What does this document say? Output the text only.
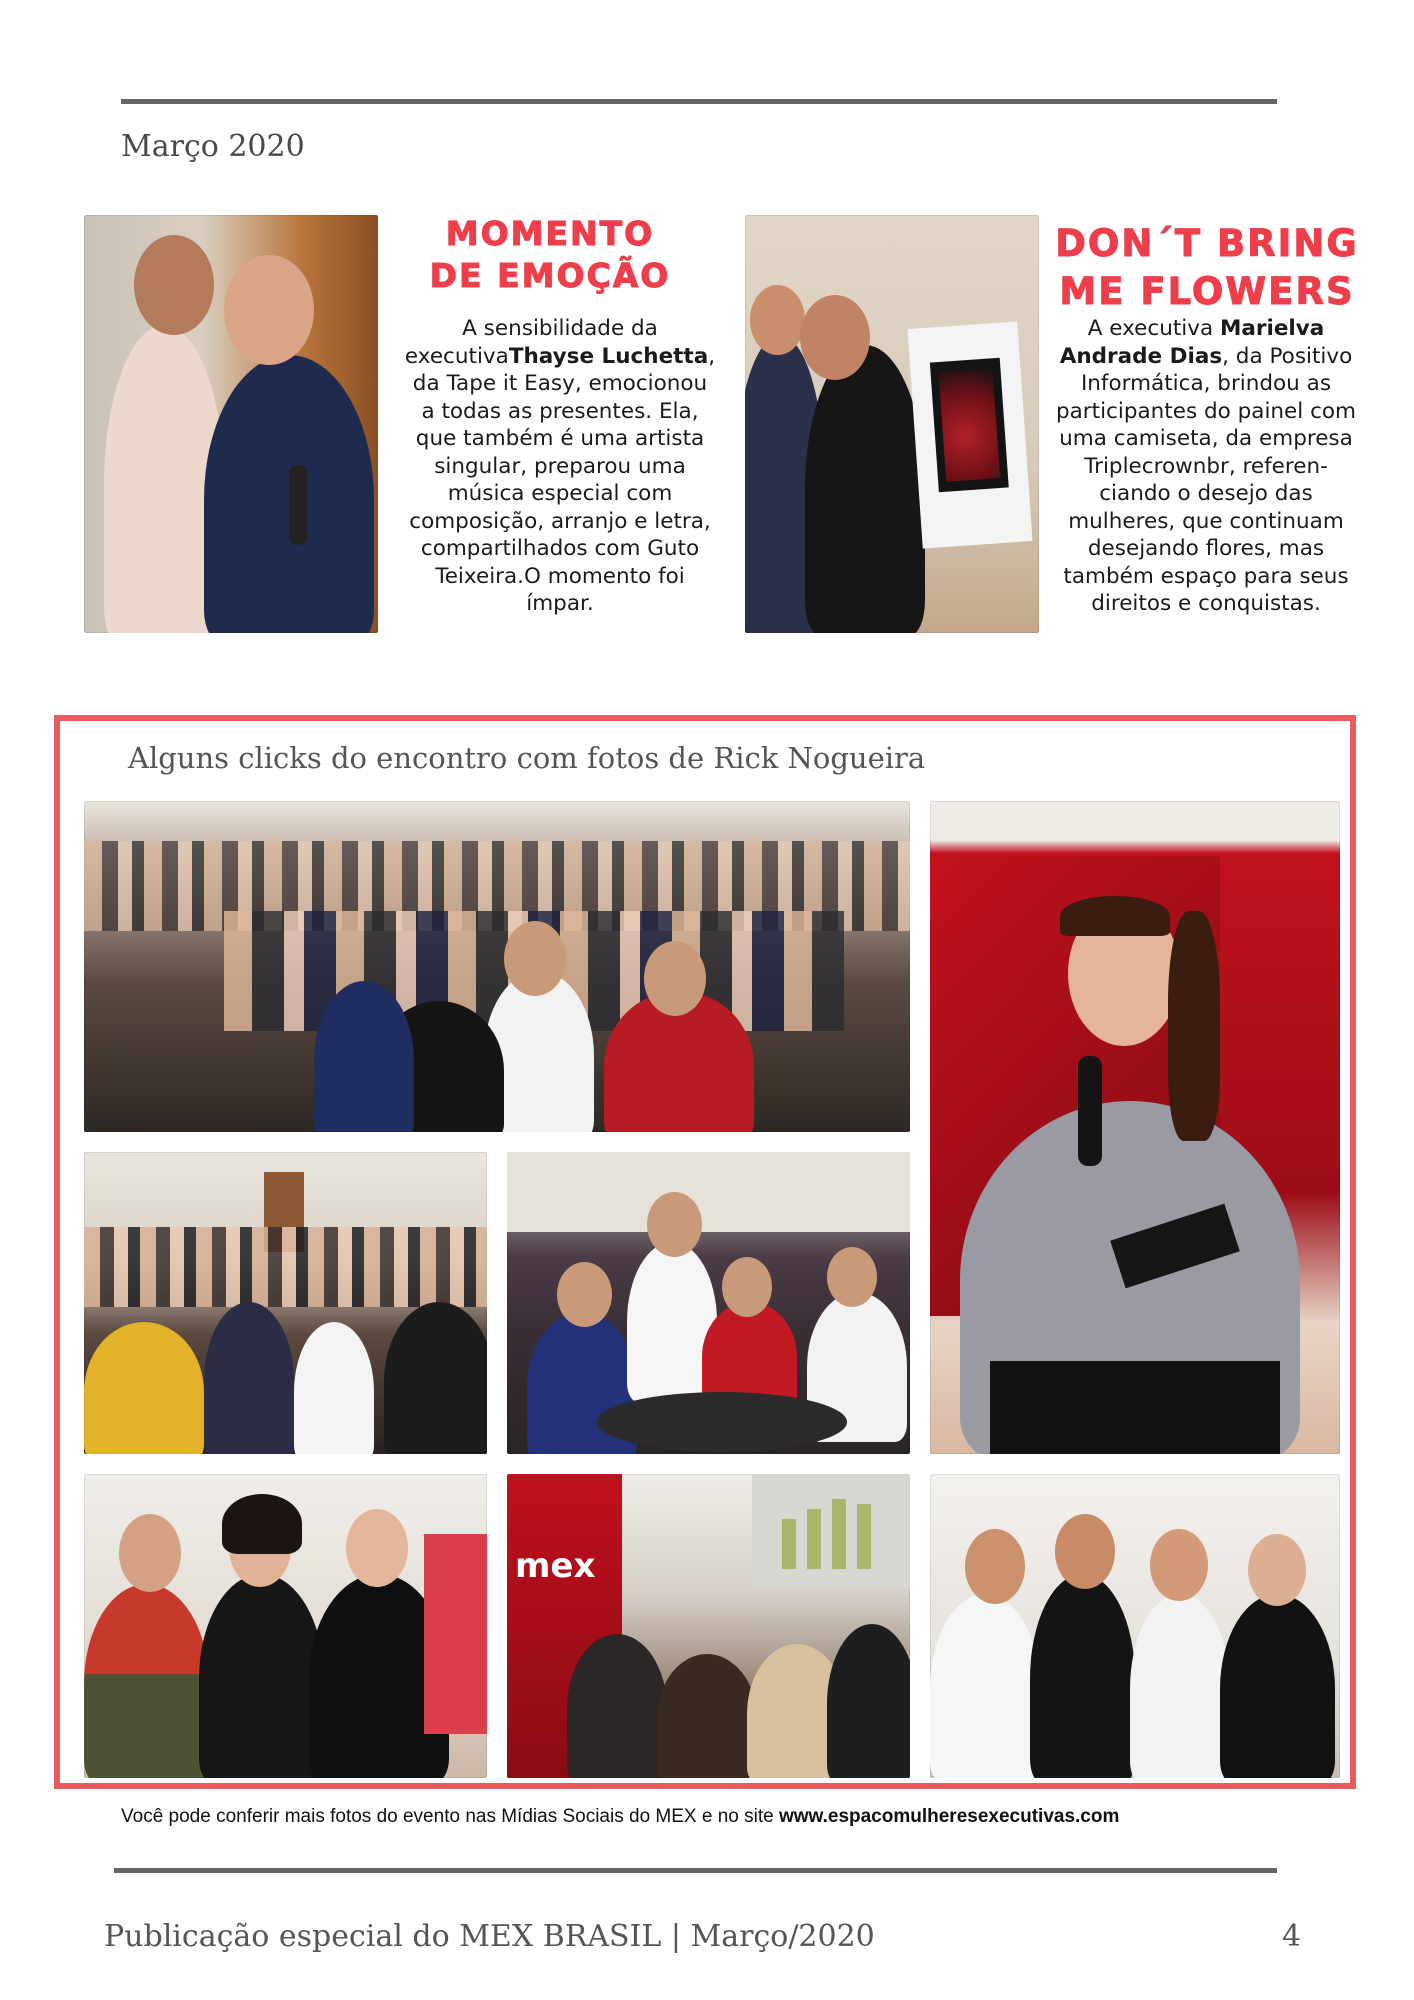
Março 2020
MOMENTO
DE EMOÇÃO
A sensibilidade da
executivaThayse Luchetta,
da Tape it Easy, emocionou
a todas as presentes. Ela,
que também é uma artista
singular, preparou uma
música especial com
composição, arranjo e letra,
compartilhados com Guto
Teixeira.O momento foi
ímpar.
DON´T BRING
ME FLOWERS
A executiva Marielva
Andrade Dias, da Positivo
Informática, brindou as
participantes do painel com
uma camiseta, da empresa
Triplecrownbr, referen-
ciando o desejo das
mulheres, que continuam
desejando flores, mas
também espaço para seus
direitos e conquistas.
Alguns clicks do encontro com fotos de Rick Nogueira
mex
Você pode conferir mais fotos do evento nas Mídias Sociais do MEX e no site www.espacomulheresexecutivas.com
Publicação especial do MEX BRASIL | Março/2020	4
